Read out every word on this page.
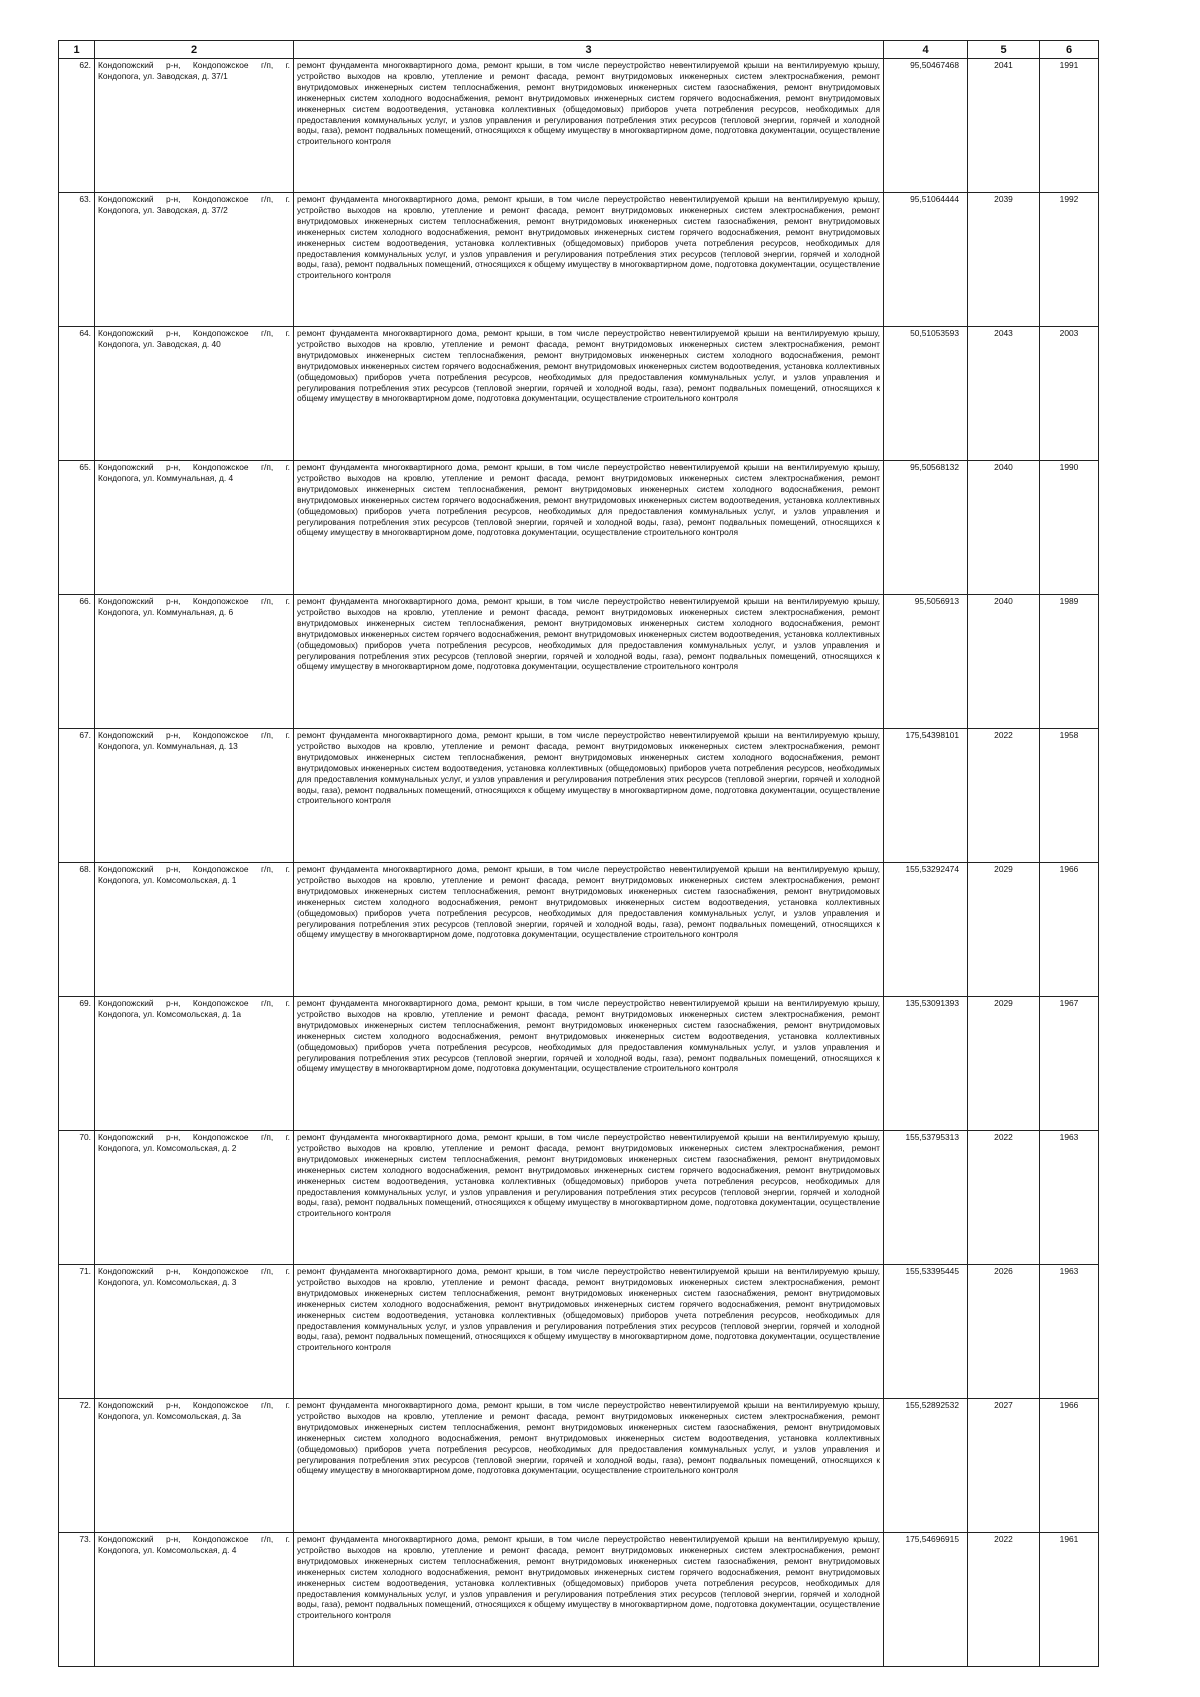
1	2	3	4	5	6
62.	Кондопожский р-н, Кондопожское г/п, г. Кондопога, ул. Заводская, д. 37/1	ремонт фундамента многоквартирного дома, ремонт крыши, в том числе переустройство невентилируемой крыши на вентилируемую крышу, устройство выходов на кровлю, утепление и ремонт фасада, ремонт внутридомовых инженерных систем электроснабжения, ремонт внутридомовых инженерных систем теплоснабжения, ремонт внутридомовых инженерных систем газоснабжения, ремонт внутридомовых инженерных систем холодного водоснабжения, ремонт внутридомовых инженерных систем горячего водоснабжения, ремонт внутридомовых инженерных систем водоотведения, установка коллективных (общедомовых) приборов учета потребления ресурсов, необходимых для предоставления коммунальных услуг, и узлов управления и регулирования потребления этих ресурсов (тепловой энергии, горячей и холодной воды, газа), ремонт подвальных помещений, относящихся к общему имуществу в многоквартирном доме, подготовка документации, осуществление строительного контроля	95,50467468	2041	1991
63.	Кондопожский р-н, Кондопожское г/п, г. Кондопога, ул. Заводская, д. 37/2	ремонт фундамента многоквартирного дома, ремонт крыши, в том числе переустройство невентилируемой крыши на вентилируемую крышу, устройство выходов на кровлю, утепление и ремонт фасада, ремонт внутридомовых инженерных систем электроснабжения, ремонт внутридомовых инженерных систем теплоснабжения, ремонт внутридомовых инженерных систем газоснабжения, ремонт внутридомовых инженерных систем холодного водоснабжения, ремонт внутридомовых инженерных систем горячего водоснабжения, ремонт внутридомовых инженерных систем водоотведения, установка коллективных (общедомовых) приборов учета потребления ресурсов, необходимых для предоставления коммунальных услуг, и узлов управления и регулирования потребления этих ресурсов (тепловой энергии, горячей и холодной воды, газа), ремонт подвальных помещений, относящихся к общему имуществу в многоквартирном доме, подготовка документации, осуществление строительного контроля	95,51064444	2039	1992
64.	Кондопожский р-н, Кондопожское г/п, г. Кондопога, ул. Заводская, д. 40	ремонт фундамента многоквартирного дома, ремонт крыши, в том числе переустройство невентилируемой крыши на вентилируемую крышу, устройство выходов на кровлю, утепление и ремонт фасада, ремонт внутридомовых инженерных систем электроснабжения, ремонт внутридомовых инженерных систем теплоснабжения, ремонт внутридомовых инженерных систем холодного водоснабжения, ремонт внутридомовых инженерных систем горячего водоснабжения, ремонт внутридомовых инженерных систем водоотведения, установка коллективных (общедомовых) приборов учета потребления ресурсов, необходимых для предоставления коммунальных услуг, и узлов управления и регулирования потребления этих ресурсов (тепловой энергии, горячей и холодной воды, газа), ремонт подвальных помещений, относящихся к общему имуществу в многоквартирном доме, подготовка документации, осуществление строительного контроля	50,51053593	2043	2003
65.	Кондопожский р-н, Кондопожское г/п, г. Кондопога, ул. Коммунальная, д. 4	ремонт фундамента многоквартирного дома, ремонт крыши, в том числе переустройство невентилируемой крыши на вентилируемую крышу, устройство выходов на кровлю, утепление и ремонт фасада, ремонт внутридомовых инженерных систем электроснабжения, ремонт внутридомовых инженерных систем теплоснабжения, ремонт внутридомовых инженерных систем холодного водоснабжения, ремонт внутридомовых инженерных систем горячего водоснабжения, ремонт внутридомовых инженерных систем водоотведения, установка коллективных (общедомовых) приборов учета потребления ресурсов, необходимых для предоставления коммунальных услуг, и узлов управления и регулирования потребления этих ресурсов (тепловой энергии, горячей и холодной воды, газа), ремонт подвальных помещений, относящихся к общему имуществу в многоквартирном доме, подготовка документации, осуществление строительного контроля	95,50568132	2040	1990
66.	Кондопожский р-н, Кондопожское г/п, г. Кондопога, ул. Коммунальная, д. 6	ремонт фундамента многоквартирного дома, ремонт крыши, в том числе переустройство невентилируемой крыши на вентилируемую крышу, устройство выходов на кровлю, утепление и ремонт фасада, ремонт внутридомовых инженерных систем электроснабжения, ремонт внутридомовых инженерных систем теплоснабжения, ремонт внутридомовых инженерных систем холодного водоснабжения, ремонт внутридомовых инженерных систем горячего водоснабжения, ремонт внутридомовых инженерных систем водоотведения, установка коллективных (общедомовых) приборов учета потребления ресурсов, необходимых для предоставления коммунальных услуг, и узлов управления и регулирования потребления этих ресурсов (тепловой энергии, горячей и холодной воды, газа), ремонт подвальных помещений, относящихся к общему имуществу в многоквартирном доме, подготовка документации, осуществление строительного контроля	95,5056913	2040	1989
67.	Кондопожский р-н, Кондопожское г/п, г. Кондопога, ул. Коммунальная, д. 13	ремонт фундамента многоквартирного дома, ремонт крыши, в том числе переустройство невентилируемой крыши на вентилируемую крышу, устройство выходов на кровлю, утепление и ремонт фасада, ремонт внутридомовых инженерных систем электроснабжения, ремонт внутридомовых инженерных систем теплоснабжения, ремонт внутридомовых инженерных систем холодного водоснабжения, ремонт внутридомовых инженерных систем водоотведения, установка коллективных (общедомовых) приборов учета потребления ресурсов, необходимых для предоставления коммунальных услуг, и узлов управления и регулирования потребления этих ресурсов (тепловой энергии, горячей и холодной воды, газа), ремонт подвальных помещений, относящихся к общему имуществу в многоквартирном доме, подготовка документации, осуществление строительного контроля	175,54398101	2022	1958
68.	Кондопожский р-н, Кондопожское г/п, г. Кондопога, ул. Комсомольская, д. 1	ремонт фундамента многоквартирного дома, ремонт крыши, в том числе переустройство невентилируемой крыши на вентилируемую крышу, устройство выходов на кровлю, утепление и ремонт фасада, ремонт внутридомовых инженерных систем электроснабжения, ремонт внутридомовых инженерных систем теплоснабжения, ремонт внутридомовых инженерных систем газоснабжения, ремонт внутридомовых инженерных систем холодного водоснабжения, ремонт внутридомовых инженерных систем водоотведения, установка коллективных (общедомовых) приборов учета потребления ресурсов, необходимых для предоставления коммунальных услуг, и узлов управления и регулирования потребления этих ресурсов (тепловой энергии, горячей и холодной воды, газа), ремонт подвальных помещений, относящихся к общему имуществу в многоквартирном доме, подготовка документации, осуществление строительного контроля	155,53292474	2029	1966
69.	Кондопожский р-н, Кондопожское г/п, г. Кондопога, ул. Комсомольская, д. 1а	ремонт фундамента многоквартирного дома, ремонт крыши, в том числе переустройство невентилируемой крыши на вентилируемую крышу, устройство выходов на кровлю, утепление и ремонт фасада, ремонт внутридомовых инженерных систем электроснабжения, ремонт внутридомовых инженерных систем теплоснабжения, ремонт внутридомовых инженерных систем газоснабжения, ремонт внутридомовых инженерных систем холодного водоснабжения, ремонт внутридомовых инженерных систем водоотведения, установка коллективных (общедомовых) приборов учета потребления ресурсов, необходимых для предоставления коммунальных услуг, и узлов управления и регулирования потребления этих ресурсов (тепловой энергии, горячей и холодной воды, газа), ремонт подвальных помещений, относящихся к общему имуществу в многоквартирном доме, подготовка документации, осуществление строительного контроля	135,53091393	2029	1967
70.	Кондопожский р-н, Кондопожское г/п, г. Кондопога, ул. Комсомольская, д. 2	ремонт фундамента многоквартирного дома, ремонт крыши, в том числе переустройство невентилируемой крыши на вентилируемую крышу, устройство выходов на кровлю, утепление и ремонт фасада, ремонт внутридомовых инженерных систем электроснабжения, ремонт внутридомовых инженерных систем теплоснабжения, ремонт внутридомовых инженерных систем газоснабжения, ремонт внутридомовых инженерных систем холодного водоснабжения, ремонт внутридомовых инженерных систем горячего водоснабжения, ремонт внутридомовых инженерных систем водоотведения, установка коллективных (общедомовых) приборов учета потребления ресурсов, необходимых для предоставления коммунальных услуг, и узлов управления и регулирования потребления этих ресурсов (тепловой энергии, горячей и холодной воды, газа), ремонт подвальных помещений, относящихся к общему имуществу в многоквартирном доме, подготовка документации, осуществление строительного контроля	155,53795313	2022	1963
71.	Кондопожский р-н, Кондопожское г/п, г. Кондопога, ул. Комсомольская, д. 3	ремонт фундамента многоквартирного дома, ремонт крыши, в том числе переустройство невентилируемой крыши на вентилируемую крышу, устройство выходов на кровлю, утепление и ремонт фасада, ремонт внутридомовых инженерных систем электроснабжения, ремонт внутридомовых инженерных систем теплоснабжения, ремонт внутридомовых инженерных систем газоснабжения, ремонт внутридомовых инженерных систем холодного водоснабжения, ремонт внутридомовых инженерных систем горячего водоснабжения, ремонт внутридомовых инженерных систем водоотведения, установка коллективных (общедомовых) приборов учета потребления ресурсов, необходимых для предоставления коммунальных услуг, и узлов управления и регулирования потребления этих ресурсов (тепловой энергии, горячей и холодной воды, газа), ремонт подвальных помещений, относящихся к общему имуществу в многоквартирном доме, подготовка документации, осуществление строительного контроля	155,53395445	2026	1963
72.	Кондопожский р-н, Кондопожское г/п, г. Кондопога, ул. Комсомольская, д. 3а	ремонт фундамента многоквартирного дома, ремонт крыши, в том числе переустройство невентилируемой крыши на вентилируемую крышу, устройство выходов на кровлю, утепление и ремонт фасада, ремонт внутридомовых инженерных систем электроснабжения, ремонт внутридомовых инженерных систем теплоснабжения, ремонт внутридомовых инженерных систем газоснабжения, ремонт внутридомовых инженерных систем холодного водоснабжения, ремонт внутридомовых инженерных систем водоотведения, установка коллективных (общедомовых) приборов учета потребления ресурсов, необходимых для предоставления коммунальных услуг, и узлов управления и регулирования потребления этих ресурсов (тепловой энергии, горячей и холодной воды, газа), ремонт подвальных помещений, относящихся к общему имуществу в многоквартирном доме, подготовка документации, осуществление строительного контроля	155,52892532	2027	1966
73.	Кондопожский р-н, Кондопожское г/п, г. Кондопога, ул. Комсомольская, д. 4	ремонт фундамента многоквартирного дома, ремонт крыши, в том числе переустройство невентилируемой крыши на вентилируемую крышу, устройство выходов на кровлю, утепление и ремонт фасада, ремонт внутридомовых инженерных систем электроснабжения, ремонт внутридомовых инженерных систем теплоснабжения, ремонт внутридомовых инженерных систем газоснабжения, ремонт внутридомовых инженерных систем холодного водоснабжения, ремонт внутридомовых инженерных систем горячего водоснабжения, ремонт внутридомовых инженерных систем водоотведения, установка коллективных (общедомовых) приборов учета потребления ресурсов, необходимых для предоставления коммунальных услуг, и узлов управления и регулирования потребления этих ресурсов (тепловой энергии, горячей и холодной воды, газа), ремонт подвальных помещений, относящихся к общему имуществу в многоквартирном доме, подготовка документации, осуществление строительного контроля	175,54696915	2022	1961
